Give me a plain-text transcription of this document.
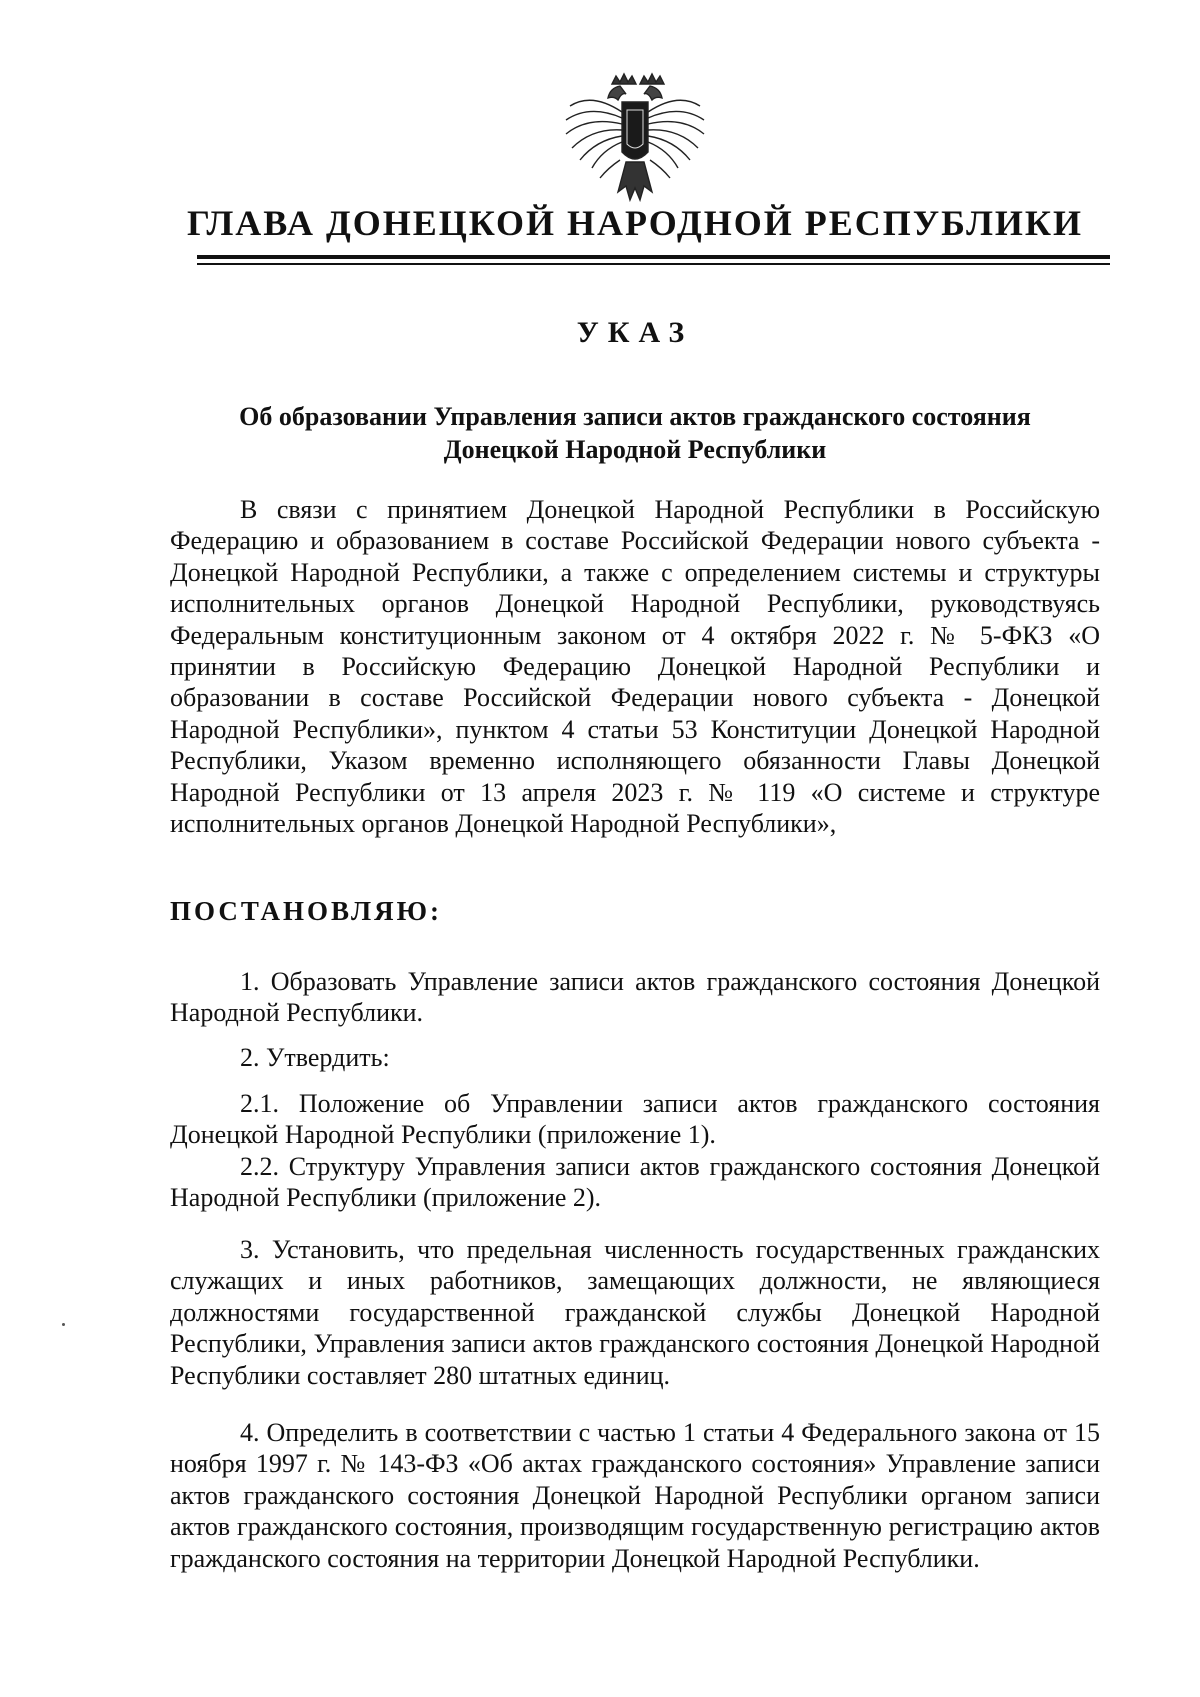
ГЛАВА ДОНЕЦКОЙ НАРОДНОЙ РЕСПУБЛИКИ
УКАЗ
Об образовании Управления записи актов гражданского состояния
Донецкой Народной Республики

В связи с принятием Донецкой Народной Республики в Российскую Федерацию и образованием в составе Российской Федерации нового субъекта - Донецкой Народной Республики, а также с определением системы и структуры исполнительных органов Донецкой Народной Республики, руководствуясь Федеральным конституционным законом от 4 октября 2022 г. № 5-ФКЗ «О принятии в Российскую Федерацию Донецкой Народной Республики и образовании в составе Российской Федерации нового субъекта - Донецкой Народной Республики», пунктом 4 статьи 53 Конституции Донецкой Народной Республики, Указом временно исполняющего обязанности Главы Донецкой Народной Республики от 13 апреля 2023 г. № 119 «О системе и структуре исполнительных органов Донецкой Народной Республики»,

ПОСТАНОВЛЯЮ:

1. Образовать Управление записи актов гражданского состояния Донецкой Народной Республики.

2. Утвердить:

2.1. Положение об Управлении записи актов гражданского состояния Донецкой Народной Республики (приложение 1).

2.2. Структуру Управления записи актов гражданского состояния Донецкой Народной Республики (приложение 2).

3. Установить, что предельная численность государственных гражданских служащих и иных работников, замещающих должности, не являющиеся должностями государственной гражданской службы Донецкой Народной Республики, Управления записи актов гражданского состояния Донецкой Народной Республики составляет 280 штатных единиц.

4. Определить в соответствии с частью 1 статьи 4 Федерального закона от 15 ноября 1997 г. № 143-ФЗ «Об актах гражданского состояния» Управление записи актов гражданского состояния Донецкой Народной Республики органом записи актов гражданского состояния, производящим государственную регистрацию актов гражданского состояния на территории Донецкой Народной Республики.
